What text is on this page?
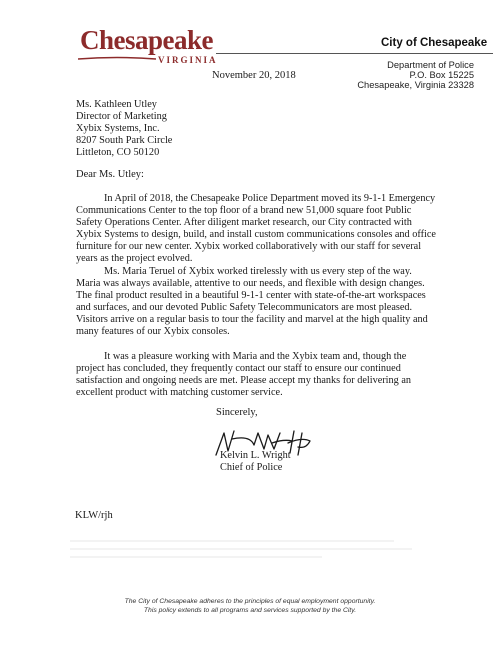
Chesapeake
VIRGINIA
City of Chesapeake
November 20, 2018
Department of Police
P.O. Box 15225
Chesapeake, Virginia 23328
Ms. Kathleen Utley
Director of Marketing
Xybix Systems, Inc.
8207 South Park Circle
Littleton, CO 50120
Dear Ms. Utley:

In April of 2018, the Chesapeake Police Department moved its 9-1-1 Emergency Communications Center to the top floor of a brand new 51,000 square foot Public Safety Operations Center. After diligent market research, our City contracted with Xybix Systems to design, build, and install custom communications consoles and office furniture for our new center. Xybix worked collaboratively with our staff for several years as the project evolved.

Ms. Maria Teruel of Xybix worked tirelessly with us every step of the way. Maria was always available, attentive to our needs, and flexible with design changes. The final product resulted in a beautiful 9-1-1 center with state-of-the-art workspaces and surfaces, and our devoted Public Safety Telecommunicators are most pleased. Visitors arrive on a regular basis to tour the facility and marvel at the high quality and many features of our Xybix consoles.

It was a pleasure working with Maria and the Xybix team and, though the project has concluded, they frequently contact our staff to ensure our continued satisfaction and ongoing needs are met. Please accept my thanks for delivering an excellent product with matching customer service.

Sincerely,
Kelvin L. Wright
Chief of Police
KLW/rjh
The City of Chesapeake adheres to the principles of equal employment opportunity.
This policy extends to all programs and services supported by the City.
